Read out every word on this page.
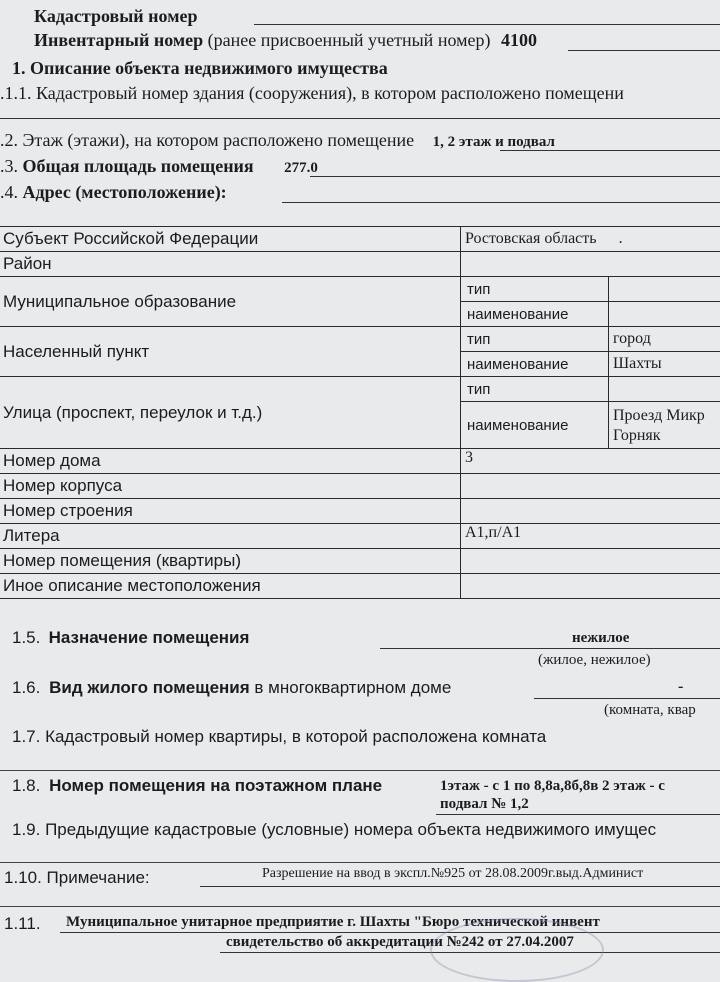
Кадастровый номер
Инвентарный номер (ранее присвоенный учетный номер) 4100
1. Описание объекта недвижимого имущества
.1.1. Кадастровый номер здания (сооружения), в котором расположено помещени
.2. Этаж (этажи), на котором расположено помещение 1, 2 этаж и подвал
.3. Общая площадь помещения 277.0
.4. Адрес (местоположение):
Субъект Российской Федерации	Ростовская область .	
Район		
Муниципальное образование	тип	
	наименование	
Населенный пункт	тип	город
	наименование	Шахты
Улица (проспект, переулок и т.д.)	тип	
	наименование	Проезд Микр Горняк
Номер дома	3	
Номер корпуса		
Номер строения		
Литера	А1,п/А1	
Номер помещения (квартиры)		
Иное описание местоположения		
1.5. Назначение помещения	нежилое
(жилое, нежилое)
1.6. Вид жилого помещения в многоквартирном доме	-
(комната, квар
1.7. Кадастровый номер квартиры, в которой расположена комната
1.8. Номер помещения на поэтажном плане	1этаж - с 1 по 8,8а,8б,8в 2 этаж - с
подвал № 1,2
1.9. Предыдущие кадастровые (условные) номера объекта недвижимого имущес
1.10. Примечание:	Разрешение на ввод в экспл.№925 от 28.08.2009г.выд.Админист
1.11. Муниципальное унитарное предприятие г. Шахты "Бюро технической инвент
свидетельство об аккредитации №242 от 27.04.2007
